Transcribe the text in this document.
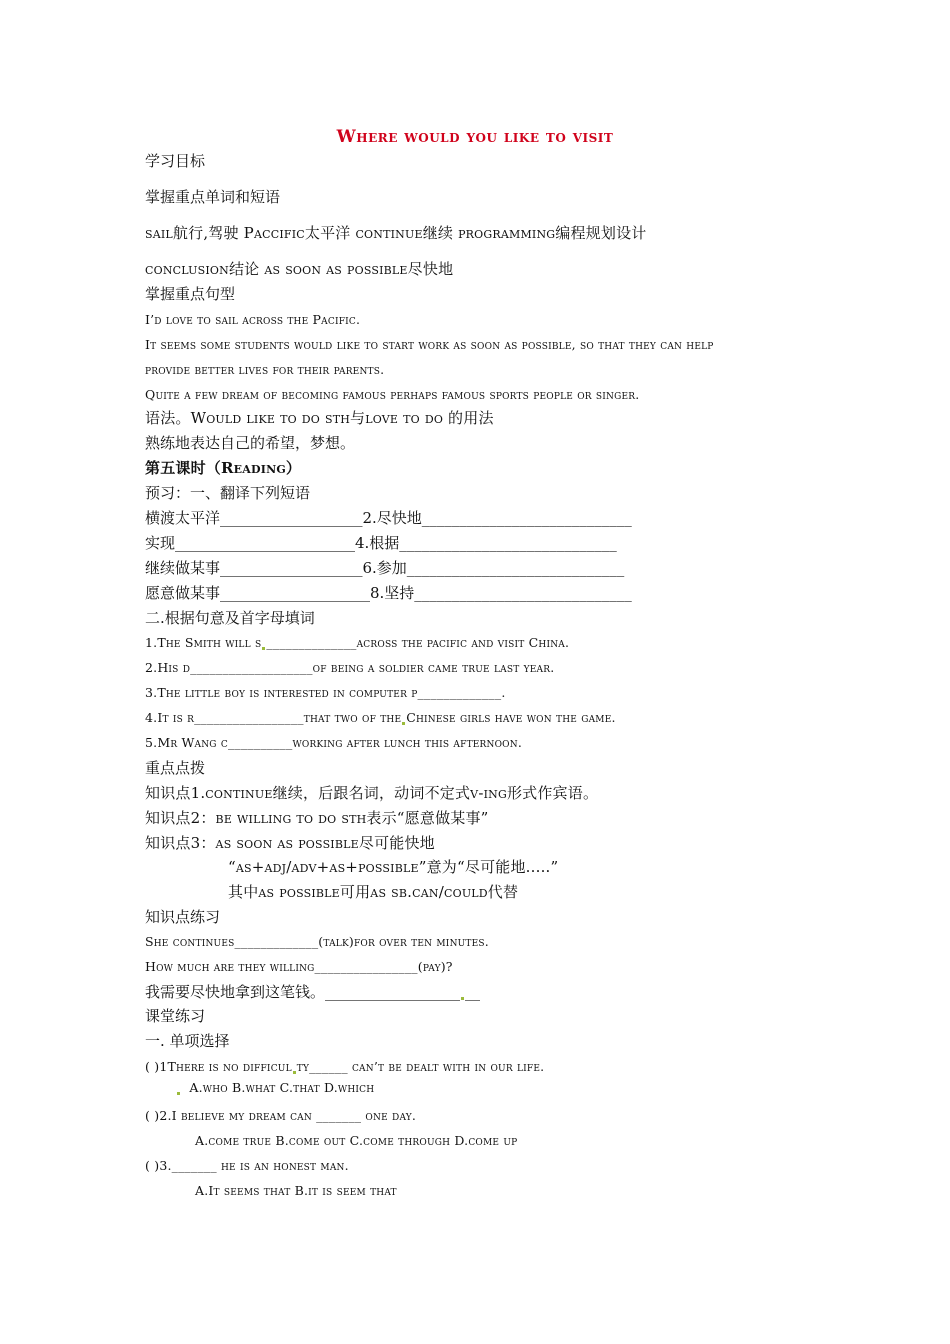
Where would you like to visit
学习目标
掌握重点单词和短语
sail航行,驾驶 Paccific太平洋 continue继续 programming编程规划设计
conclusion结论 as soon as possible尽快地
掌握重点句型
I’d love to sail across the Pacific.
It seems some students would like to start work as soon as possible, so that they can help
provide better lives for their parents.
Quite a few dream of becoming famous perhaps famous sports people or singer.
语法。Would like to do sth与love to do 的用法
熟练地表达自己的希望，梦想。
第五课时（Reading）
预习：一、翻译下列短语
横渡太平洋___________________2.尽快地____________________________
实现________________________4.根据_____________________________
继续做某事___________________6.参加_____________________________
愿意做某事____________________8.坚持_____________________________
二.根据句意及首字母填词
1.The Smith will s ______________across the pacific and visit China.
2.His d___________________of being a soldier came true last year.
3.The little boy is interested in computer p_____________.
4.It is r_________________that two of the Chinese girls have won the game.
5.Mr Wang c__________working after lunch this afternoon.
重点点拨
知识点1.continue继续，后跟名词，动词不定式v-ing形式作宾语。
知识点2：be willing to do sth表示“愿意做某事”
知识点3：as soon as possible尽可能快地
“as+adj/adv+as+possible”意为“尽可能地.....”
其中as possible可用as sb.can/could代替
知识点练习
She continues_____________(talk)for over ten minutes.
How much are they willing________________(pay)?
我需要尽快地拿到这笔钱。__________________ __
课堂练习
一. 单项选择
( )1There is no difficul ty______ can’t be dealt with in our life.
A.who B.what C.that D.which
( )2.I believe my dream can _______ one day.
A.come true B.come out C.come through D.come up
( )3._______ he is an honest man.
A.It seems that B.it is seem that
